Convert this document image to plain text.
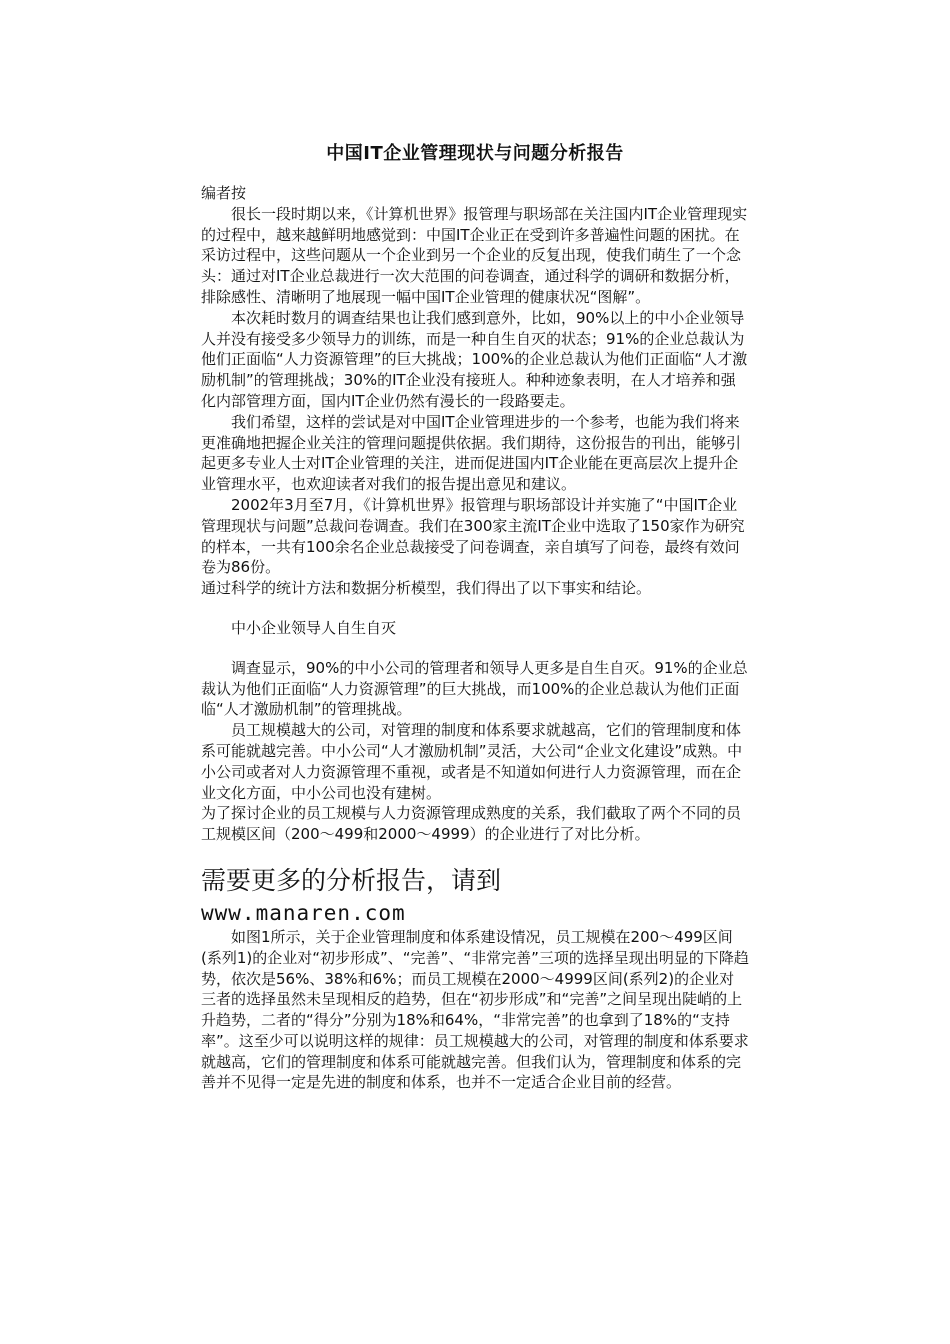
中国IT企业管理现状与问题分析报告

编者按

很长一段时期以来，《计算机世界》报管理与职场部在关注国内IT企业管理现实的过程中，越来越鲜明地感觉到：中国IT企业正在受到许多普遍性问题的困扰。在采访过程中，这些问题从一个企业到另一个企业的反复出现，使我们萌生了一个念头：通过对IT企业总裁进行一次大范围的问卷调查，通过科学的调研和数据分析，排除感性、清晰明了地展现一幅中国IT企业管理的健康状况“图解”。

本次耗时数月的调查结果也让我们感到意外，比如，90%以上的中小企业领导人并没有接受多少领导力的训练，而是一种自生自灭的状态；91%的企业总裁认为他们正面临“人力资源管理”的巨大挑战；100%的企业总裁认为他们正面临“人才激励机制”的管理挑战；30%的IT企业没有接班人。种种迹象表明，在人才培养和强化内部管理方面，国内IT企业仍然有漫长的一段路要走。

我们希望，这样的尝试是对中国IT企业管理进步的一个参考，也能为我们将来更准确地把握企业关注的管理问题提供依据。我们期待，这份报告的刊出，能够引起更多专业人士对IT企业管理的关注，进而促进国内IT企业能在更高层次上提升企业管理水平，也欢迎读者对我们的报告提出意见和建议。

2002年3月至7月，《计算机世界》报管理与职场部设计并实施了“中国IT企业管理现状与问题”总裁问卷调查。我们在300家主流IT企业中选取了150家作为研究的样本，一共有100余名企业总裁接受了问卷调查，亲自填写了问卷，最终有效问卷为86份。

通过科学的统计方法和数据分析模型，我们得出了以下事实和结论。

中小企业领导人自生自灭

调查显示，90%的中小公司的管理者和领导人更多是自生自灭。91%的企业总裁认为他们正面临“人力资源管理”的巨大挑战，而100%的企业总裁认为他们正面临“人才激励机制”的管理挑战。

员工规模越大的公司，对管理的制度和体系要求就越高，它们的管理制度和体系可能就越完善。中小公司“人才激励机制”灵活，大公司“企业文化建设”成熟。中小公司或者对人力资源管理不重视，或者是不知道如何进行人力资源管理，而在企业文化方面，中小公司也没有建树。

为了探讨企业的员工规模与人力资源管理成熟度的关系，我们截取了两个不同的员工规模区间（200～499和2000～4999）的企业进行了对比分析。

需要更多的分析报告，请到

www.manaren.com

如图1所示，关于企业管理制度和体系建设情况，员工规模在200～499区间(系列1)的企业对“初步形成”、“完善”、“非常完善”三项的选择呈现出明显的下降趋势，依次是56%、38%和6%；而员工规模在2000～4999区间(系列2)的企业对三者的选择虽然未呈现相反的趋势，但在“初步形成”和“完善”之间呈现出陡峭的上升趋势，二者的“得分”分别为18%和64%，“非常完善”的也拿到了18%的“支持率”。这至少可以说明这样的规律：员工规模越大的公司，对管理的制度和体系要求就越高，它们的管理制度和体系可能就越完善。但我们认为，管理制度和体系的完善并不见得一定是先进的制度和体系，也并不一定适合企业目前的经营。
